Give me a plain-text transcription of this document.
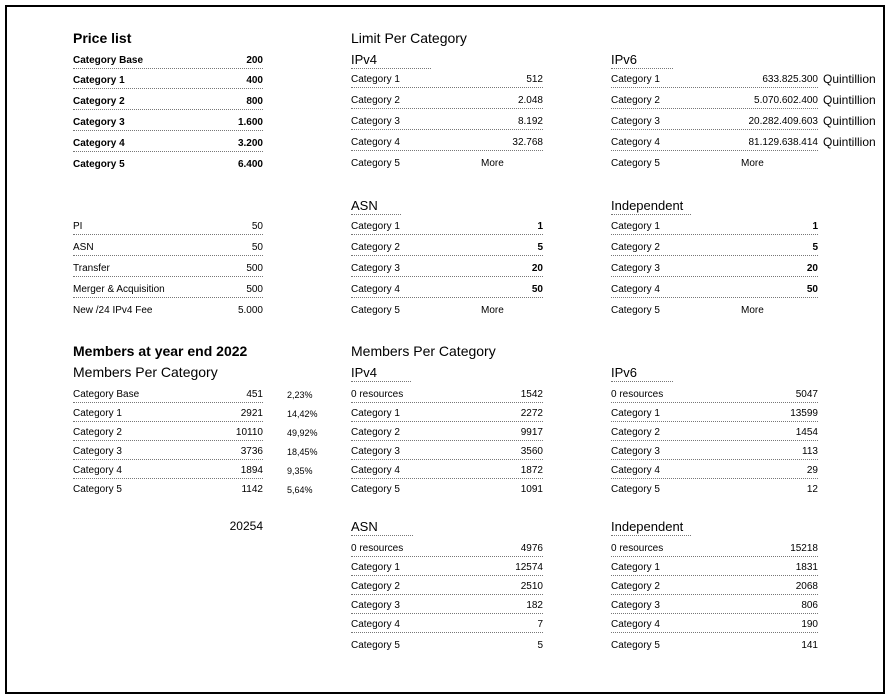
Price list
Category Base	200
Category 1	400
Category 2	800
Category 3	1.600
Category 4	3.200
Category 5	6.400
PI	50
ASN	50
Transfer	500
Merger & Acquisition	500
New /24 IPv4 Fee	5.000
Limit Per Category
IPv4
Category 1	512
Category 2	2.048
Category 3	8.192
Category 4	32.768
Category 5	More
IPv6
Category 1	633.825.300 Quintillion
Category 2	5.070.602.400 Quintillion
Category 3	20.282.409.603 Quintillion
Category 4	81.129.638.414 Quintillion
Category 5	More
ASN
Category 1	1
Category 2	5
Category 3	20
Category 4	50
Category 5	More
Independent
Category 1	1
Category 2	5
Category 3	20
Category 4	50
Category 5	More
Members at year end 2022
Members Per Category
Category Base	451	2,23%
Category 1	2921	14,42%
Category 2	10110	49,92%
Category 3	3736	18,45%
Category 4	1894	9,35%
Category 5	1142	5,64%
20254
Members Per Category
IPv4
0 resources	1542
Category 1	2272
Category 2	9917
Category 3	3560
Category 4	1872
Category 5	1091
IPv6
0 resources	5047
Category 1	13599
Category 2	1454
Category 3	113
Category 4	29
Category 5	12
ASN
0 resources	4976
Category 1	12574
Category 2	2510
Category 3	182
Category 4	7
Category 5	5
Independent
0 resources	15218
Category 1	1831
Category 2	2068
Category 3	806
Category 4	190
Category 5	141
